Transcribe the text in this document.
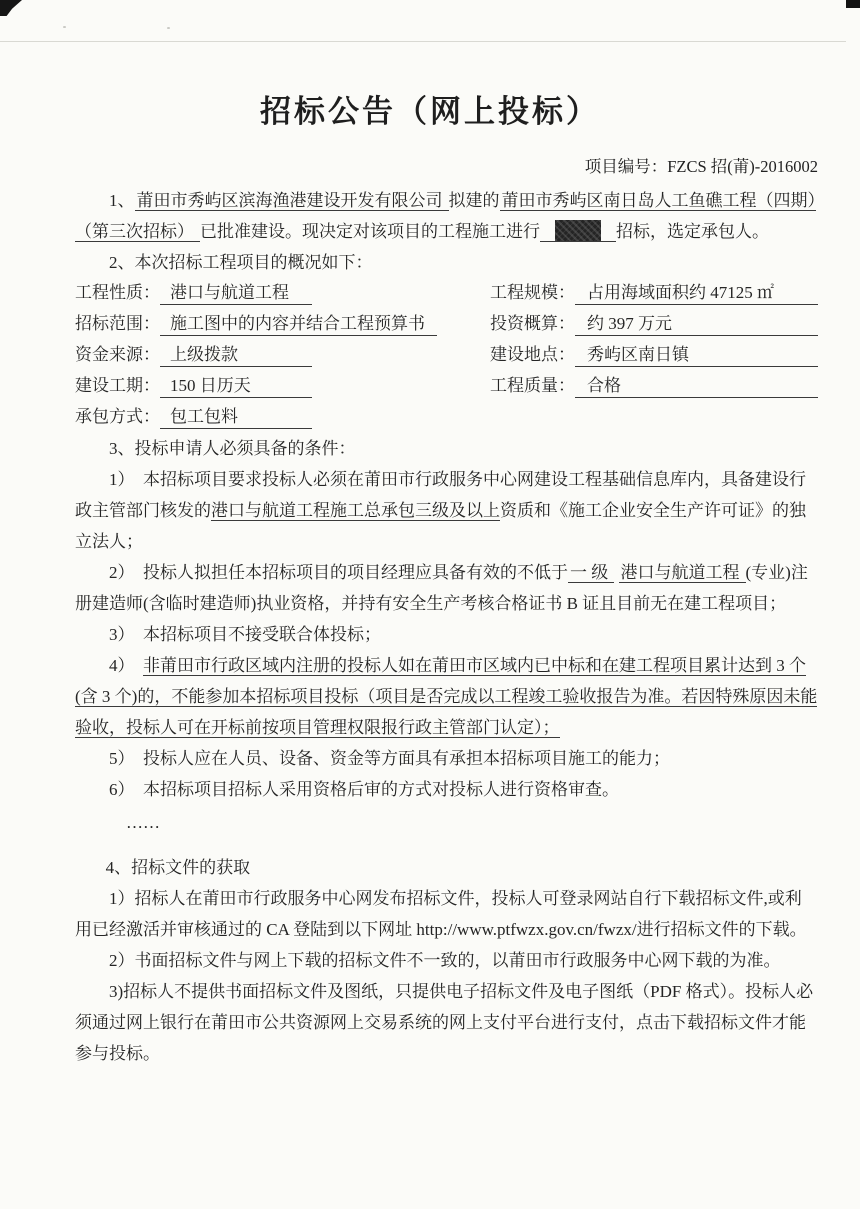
招标公告（网上投标）
项目编号：FZCS 招(莆)-2016002

1、 莆田市秀屿区滨海渔港建设开发有限公司 拟建的 莆田市秀屿区南日岛人工鱼礁工程（四期）（第三次招标） 已批准建设。现决定对该项目的工程施工进行	招标，选定承包人。

2、本次招标工程项目的概况如下：

工程性质： 港口与航道工程	工程规模： 占用海域面积约 47125 ㎡
招标范围： 施工图中的内容并结合工程预算书	投资概算： 约 397 万元
资金来源： 上级拨款	建设地点： 秀屿区南日镇
建设工期： 150 日历天	工程质量： 合格
承包方式： 包工包料

3、投标申请人必须具备的条件：

1）　本招标项目要求投标人必须在莆田市行政服务中心网建设工程基础信息库内，具备建设行政主管部门核发的港口与航道工程施工总承包三级及以上资质和《施工企业安全生产许可证》的独立法人；

2）　投标人拟担任本招标项目的项目经理应具备有效的不低于 一 级 港口与航道工程 (专业)注册建造师(含临时建造师)执业资格，并持有安全生产考核合格证书 B 证且目前无在建工程项目；

3）　本招标项目不接受联合体投标；

4）　非莆田市行政区域内注册的投标人如在莆田市区域内已中标和在建工程项目累计达到 3 个(含 3 个)的，不能参加本招标项目投标（项目是否完成以工程竣工验收报告为准。若因特殊原因未能验收，投标人可在开标前按项目管理权限报行政主管部门认定）；

5）　投标人应在人员、设备、资金等方面具有承担本招标项目施工的能力；

6）　本招标项目招标人采用资格后审的方式对投标人进行资格审查。

……

4、招标文件的获取

1）招标人在莆田市行政服务中心网发布招标文件，投标人可登录网站自行下载招标文件,或利用已经激活并审核通过的 CA 登陆到以下网址 http://www.ptfwzx.gov.cn/fwzx/进行招标文件的下载。

2）书面招标文件与网上下载的招标文件不一致的，以莆田市行政服务中心网下载的为准。

3)招标人不提供书面招标文件及图纸，只提供电子招标文件及电子图纸（PDF 格式）。投标人必须通过网上银行在莆田市公共资源网上交易系统的网上支付平台进行支付，点击下载招标文件才能参与投标。
